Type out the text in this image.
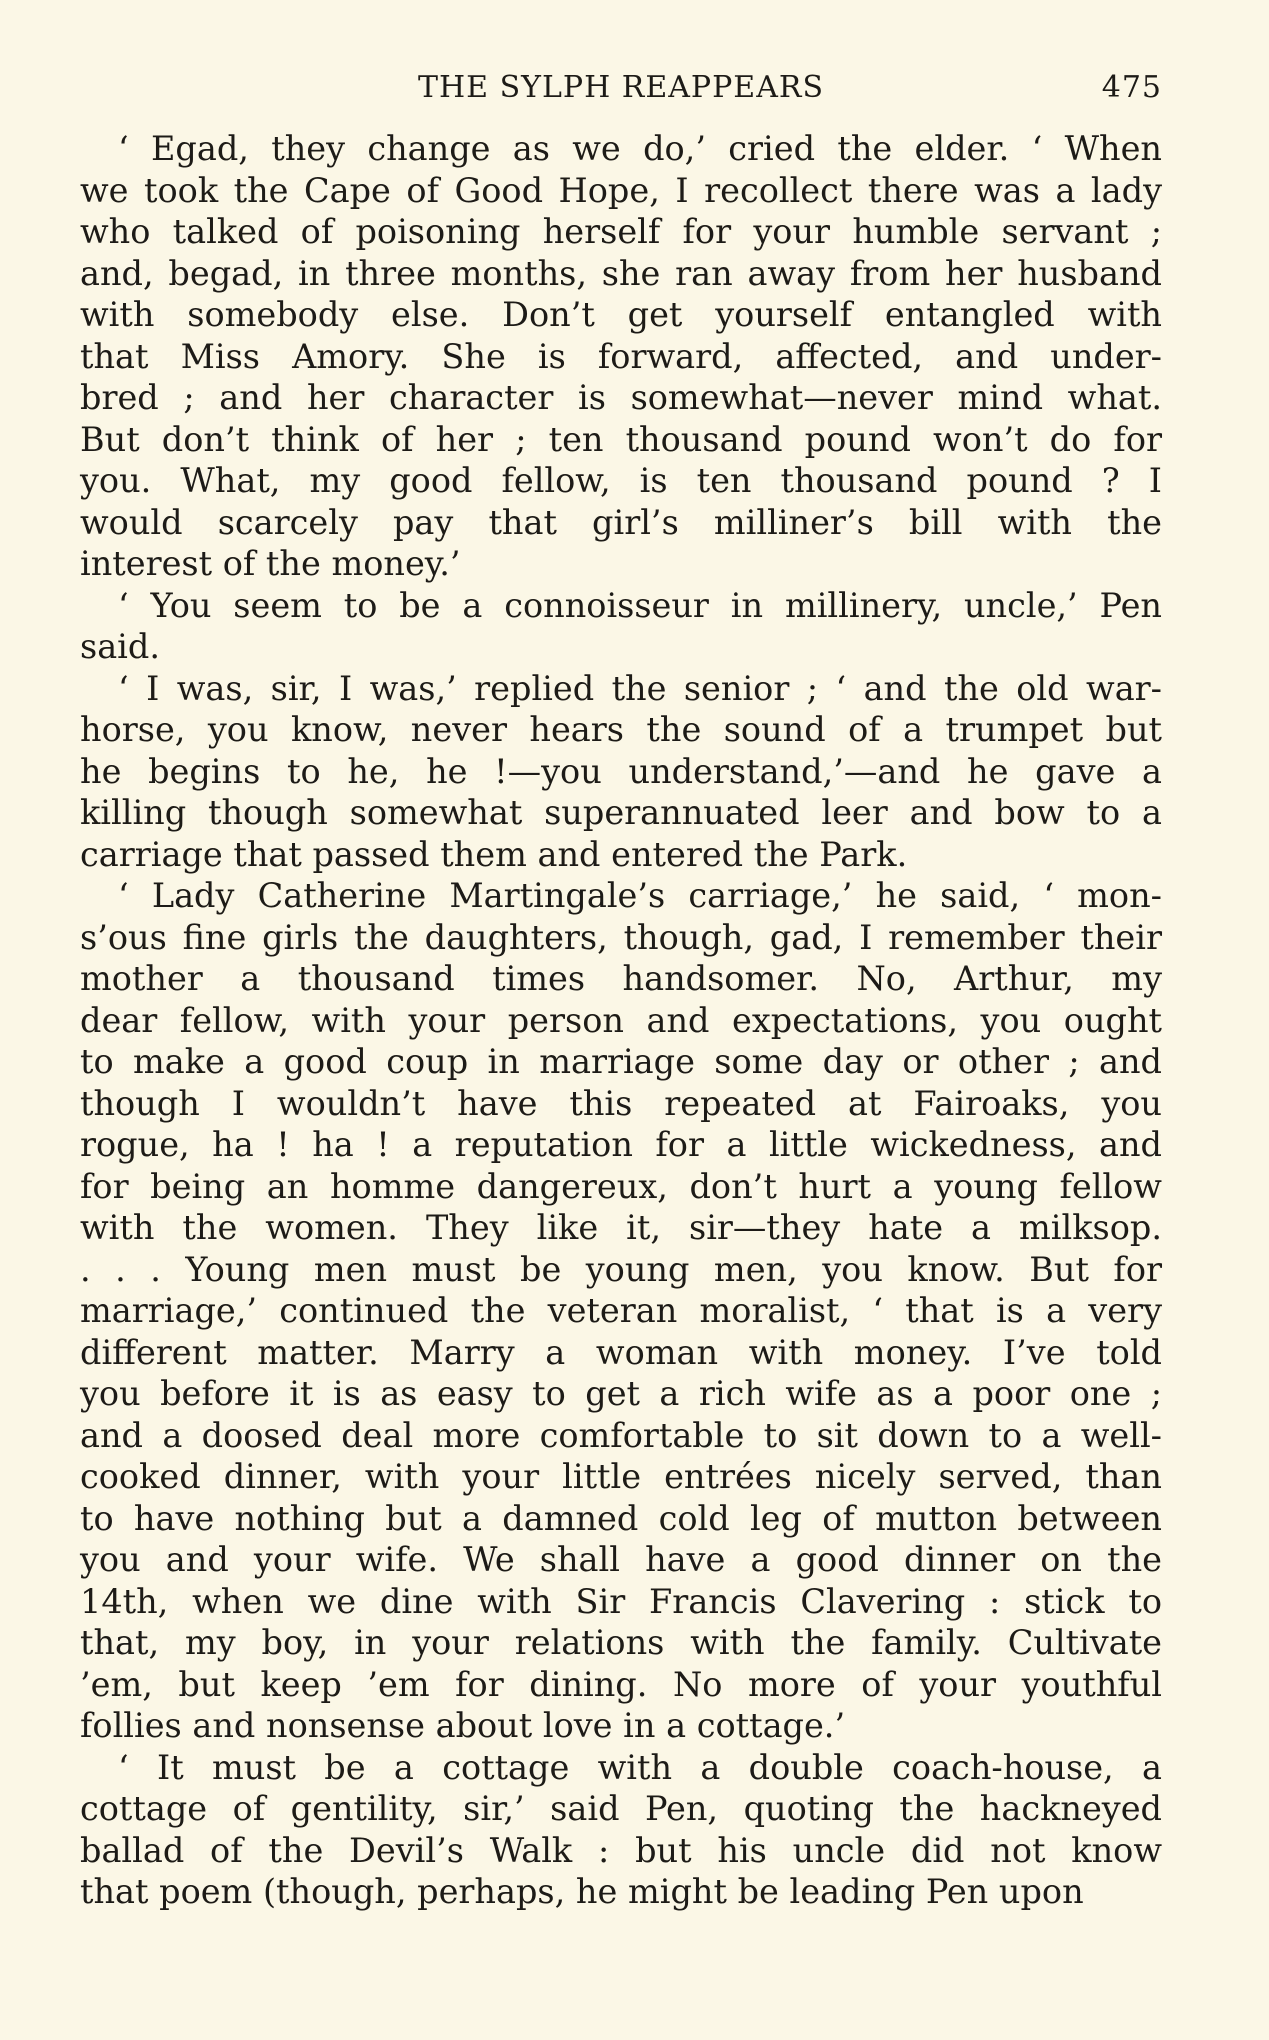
THE SYLPH REAPPEARS	475
‘ Egad, they change as we do,’ cried the elder. ‘ When
we took the Cape of Good Hope, I recollect there was a lady
who talked of poisoning herself for your humble servant ;
and, begad, in three months, she ran away from her husband
with somebody else. Don’t get yourself entangled with
that Miss Amory. She is forward, affected, and under-
bred ; and her character is somewhat—never mind what.
But don’t think of her ; ten thousand pound won’t do for
you. What, my good fellow, is ten thousand pound ? I
would scarcely pay that girl’s milliner’s bill with the
interest of the money.’
‘ You seem to be a connoisseur in millinery, uncle,’ Pen
said.
‘ I was, sir, I was,’ replied the senior ; ‘ and the old war-
horse, you know, never hears the sound of a trumpet but
he begins to he, he !—you understand,’—and he gave a
killing though somewhat superannuated leer and bow to a
carriage that passed them and entered the Park.
‘ Lady Catherine Martingale’s carriage,’ he said, ‘ mon-
s’ous fine girls the daughters, though, gad, I remember their
mother a thousand times handsomer. No, Arthur, my
dear fellow, with your person and expectations, you ought
to make a good coup in marriage some day or other ; and
though I wouldn’t have this repeated at Fairoaks, you
rogue, ha ! ha ! a reputation for a little wickedness, and
for being an homme dangereux, don’t hurt a young fellow
with the women. They like it, sir—they hate a milksop.
. . . Young men must be young men, you know. But for
marriage,’ continued the veteran moralist, ‘ that is a very
different matter. Marry a woman with money. I’ve told
you before it is as easy to get a rich wife as a poor one ;
and a doosed deal more comfortable to sit down to a well-
cooked dinner, with your little entrées nicely served, than
to have nothing but a damned cold leg of mutton between
you and your wife. We shall have a good dinner on the
14th, when we dine with Sir Francis Clavering : stick to
that, my boy, in your relations with the family. Cultivate
’em, but keep ’em for dining. No more of your youthful
follies and nonsense about love in a cottage.’
‘ It must be a cottage with a double coach-house, a
cottage of gentility, sir,’ said Pen, quoting the hackneyed
ballad of the Devil’s Walk : but his uncle did not know
that poem (though, perhaps, he might be leading Pen upon
